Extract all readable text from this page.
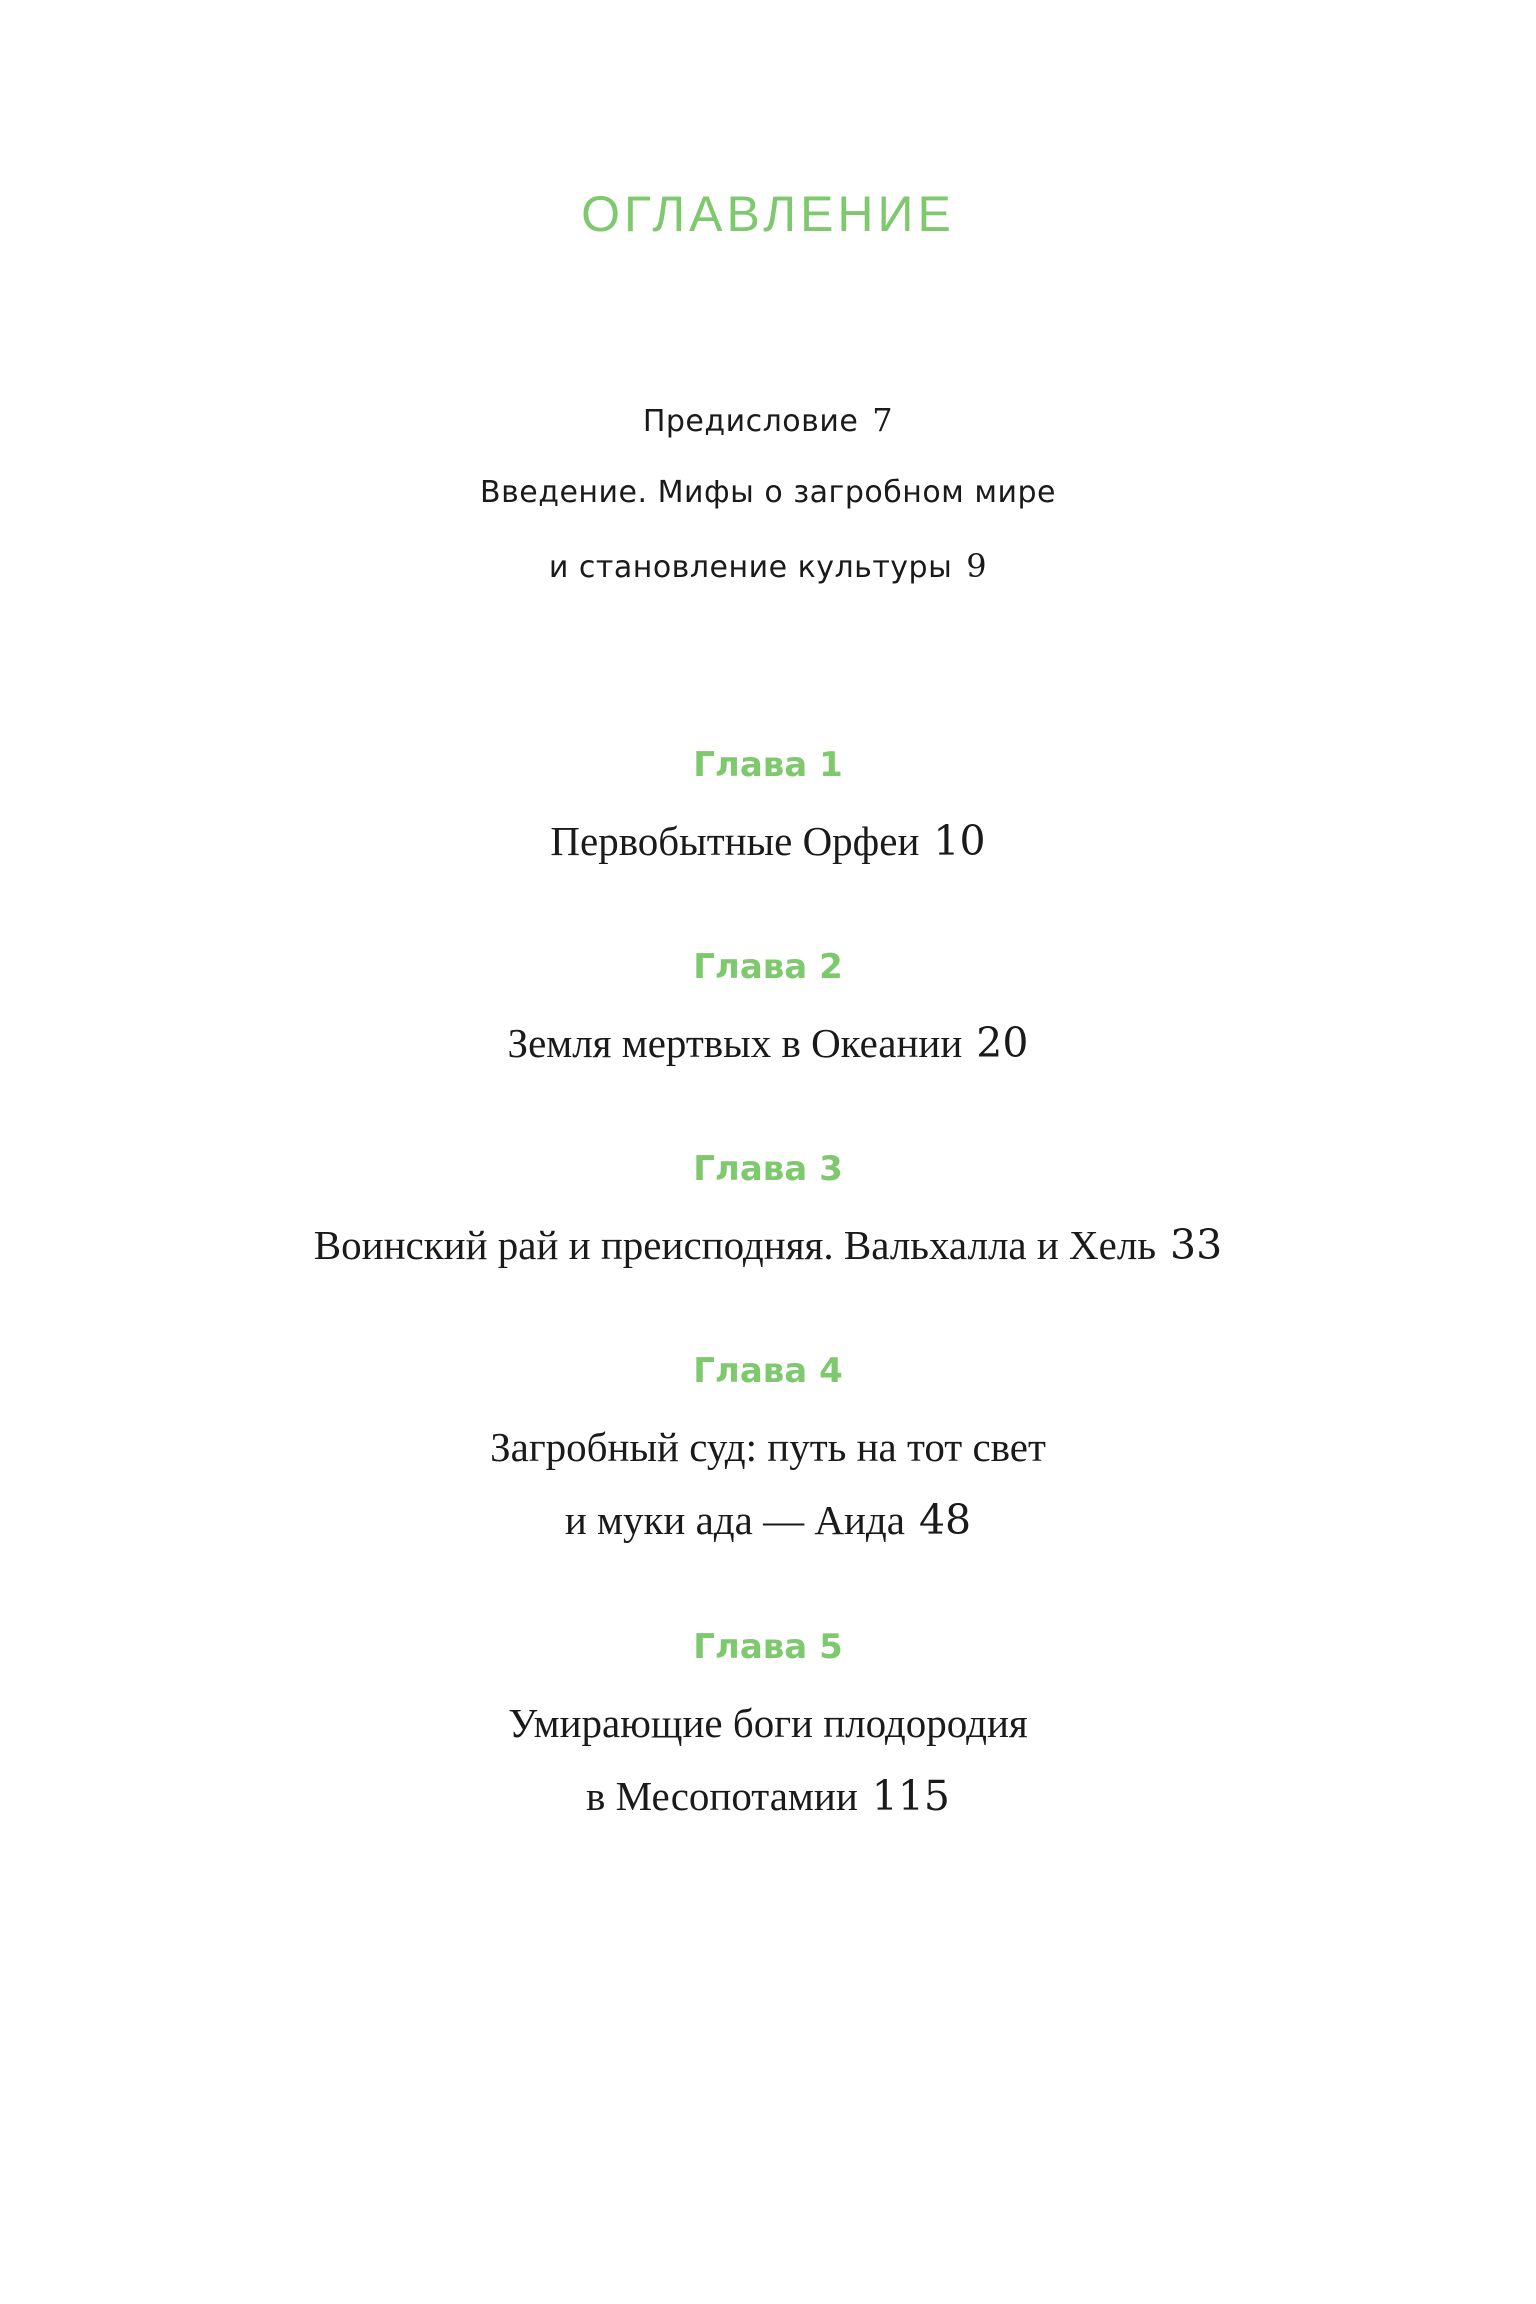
ОГЛАВЛЕНИЕ
Предисловие 7
Введение. Мифы о загробном мире
и становление культуры 9
Глава 1
Первобытные Орфеи 10
Глава 2
Земля мертвых в Океании 20
Глава 3
Воинский рай и преисподняя. Вальхалла и Хель 33
Глава 4
Загробный суд: путь на тот свет
и муки ада — Аида 48
Глава 5
Умирающие боги плодородия
в Месопотамии 115
